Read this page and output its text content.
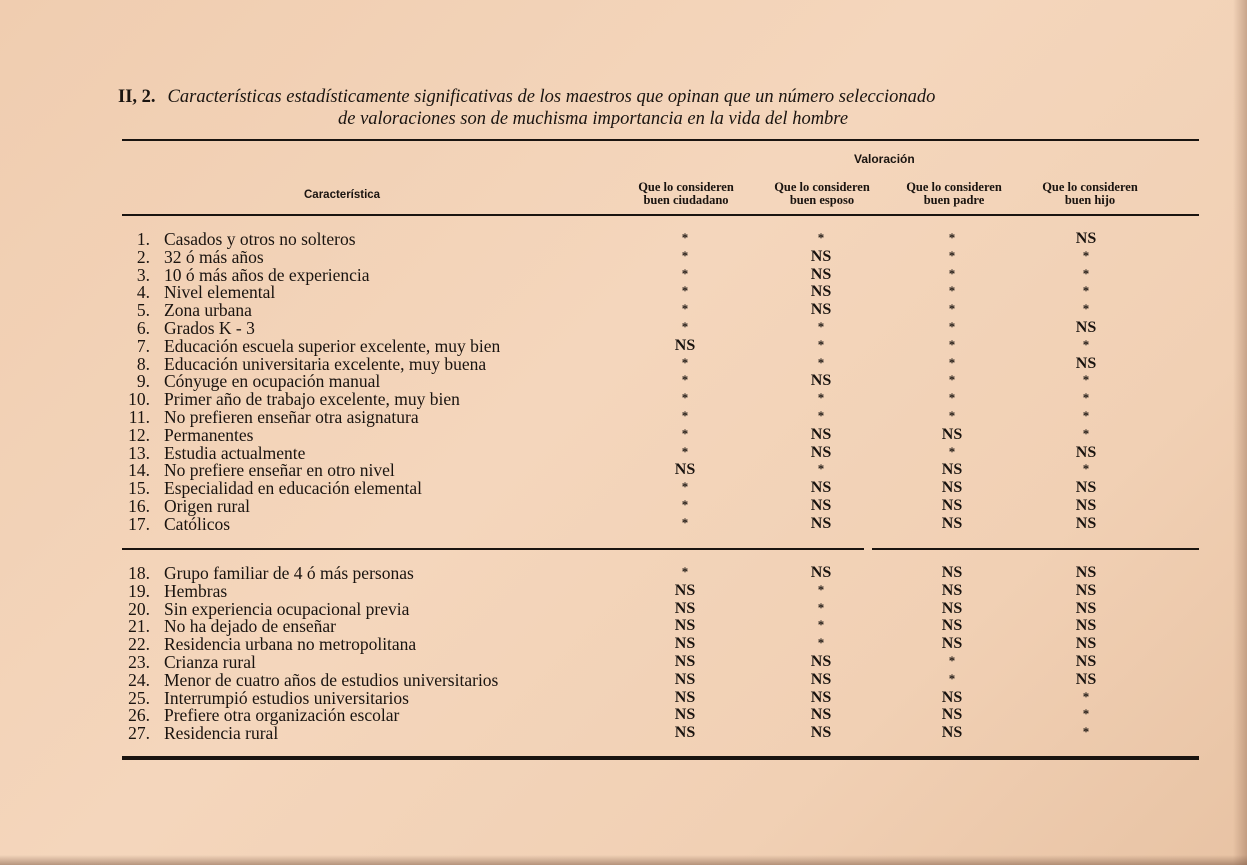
II, 2. Características estadísticamente significativas de los maestros que opinan que un número seleccionado
de valoraciones son de muchisma importancia en la vida del hombre
Valoración
Característica
Que lo consideren
buen ciudadano
Que lo consideren
buen esposo
Que lo consideren
buen padre
Que lo consideren
buen hijo
1. Casados y otros no solteros	*	*	*	NS
2. 32 ó más años	*	NS	*	*
3. 10 ó más años de experiencia	*	NS	*	*
4. Nivel elemental	*	NS	*	*
5. Zona urbana	*	NS	*	*
6. Grados K - 3	*	*	*	NS
7. Educación escuela superior excelente, muy bien	NS	*	*	*
8. Educación universitaria excelente, muy buena	*	*	*	NS
9. Cónyuge en ocupación manual	*	NS	*	*
10. Primer año de trabajo excelente, muy bien	*	*	*	*
11. No prefieren enseñar otra asignatura	*	*	*	*
12. Permanentes	*	NS	NS	*
13. Estudia actualmente	*	NS	*	NS
14. No prefiere enseñar en otro nivel	NS	*	NS	*
15. Especialidad en educación elemental	*	NS	NS	NS
16. Origen rural	*	NS	NS	NS
17. Católicos	*	NS	NS	NS
18. Grupo familiar de 4 ó más personas	*	NS	NS	NS
19. Hembras	NS	*	NS	NS
20. Sin experiencia ocupacional previa	NS	*	NS	NS
21. No ha dejado de enseñar	NS	*	NS	NS
22. Residencia urbana no metropolitana	NS	*	NS	NS
23. Crianza rural	NS	NS	*	NS
24. Menor de cuatro años de estudios universitarios	NS	NS	*	NS
25. Interrumpió estudios universitarios	NS	NS	NS	*
26. Prefiere otra organización escolar	NS	NS	NS	*
27. Residencia rural	NS	NS	NS	*
